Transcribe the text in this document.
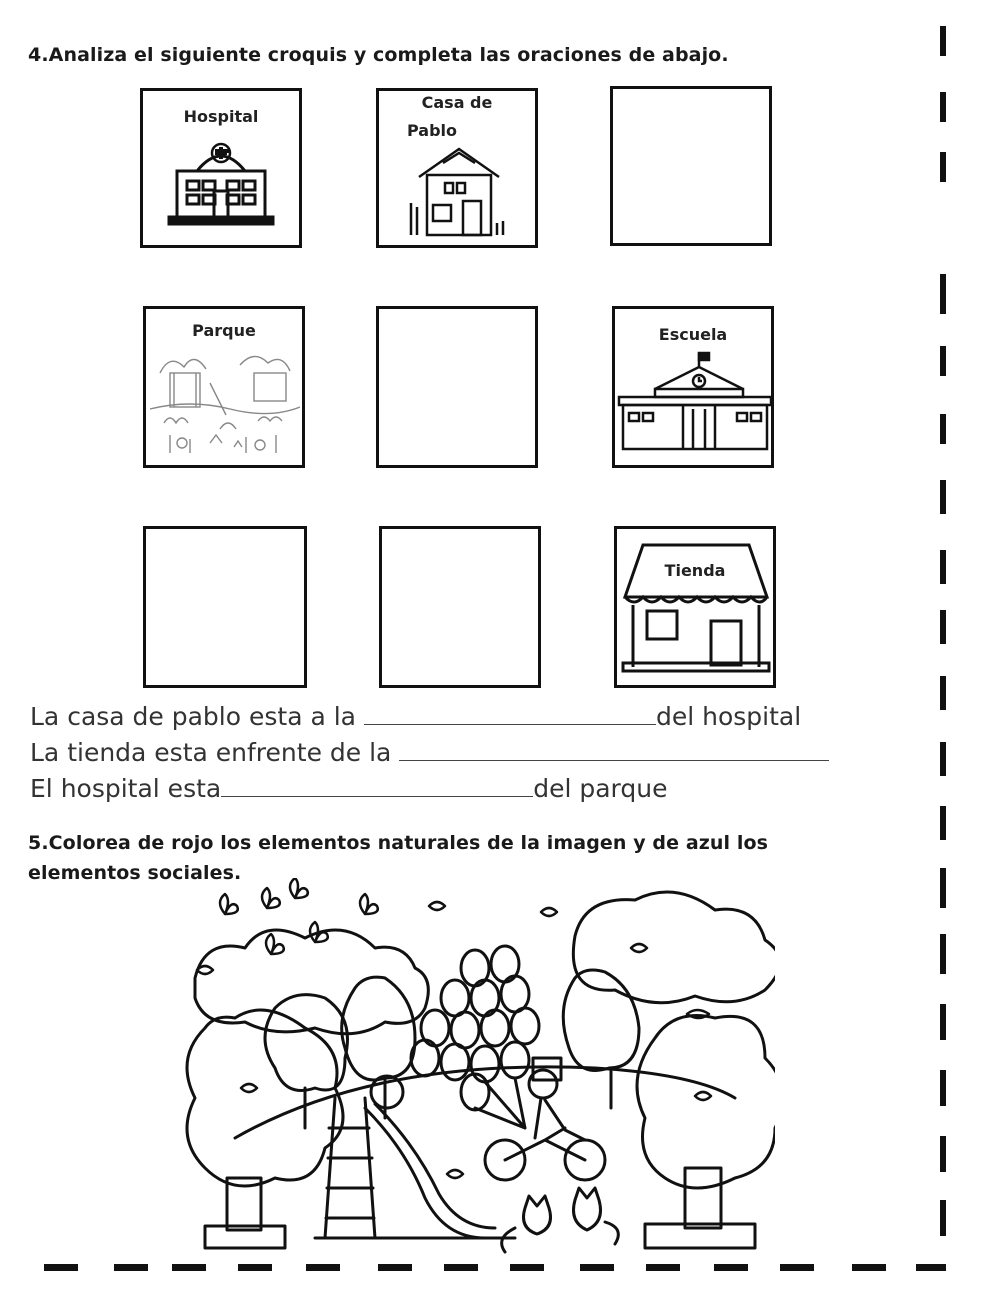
4.Analiza el siguiente croquis y completa las oraciones de abajo.
Hospital
Casa de
Pablo
Parque	Escuela
Tienda
La casa de pablo esta a la	del hospital
La tienda esta enfrente de la
El hospital esta	del parque
5.Colorea de rojo los elementos naturales de la imagen y de azul los
elementos sociales.
